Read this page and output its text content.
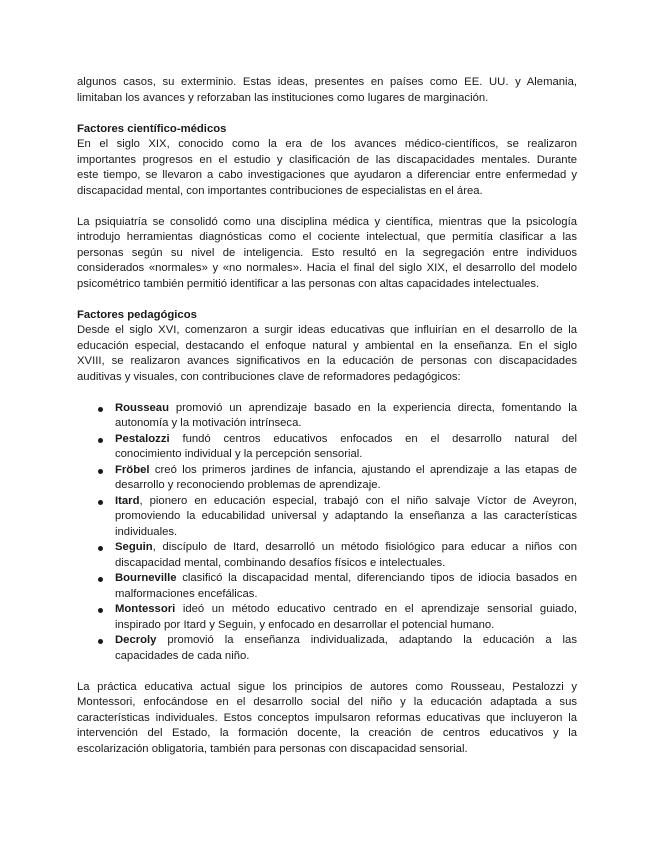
algunos casos, su exterminio. Estas ideas, presentes en países como EE. UU. y Alemania,
limitaban los avances y reforzaban las instituciones como lugares de marginación.
Factores científico-médicos
En el siglo XIX, conocido como la era de los avances médico-científicos, se realizaron
importantes progresos en el estudio y clasificación de las discapacidades mentales. Durante
este tiempo, se llevaron a cabo investigaciones que ayudaron a diferenciar entre enfermedad y
discapacidad mental, con importantes contribuciones de especialistas en el área.
La psiquiatría se consolidó como una disciplina médica y científica, mientras que la psicología
introdujo herramientas diagnósticas como el cociente intelectual, que permitía clasificar a las
personas según su nivel de inteligencia. Esto resultó en la segregación entre individuos
considerados «normales» y «no normales». Hacia el final del siglo XIX, el desarrollo del modelo
psicométrico también permitió identificar a las personas con altas capacidades intelectuales.
Factores pedagógicos
Desde el siglo XVI, comenzaron a surgir ideas educativas que influirían en el desarrollo de la
educación especial, destacando el enfoque natural y ambiental en la enseñanza. En el siglo
XVIII, se realizaron avances significativos en la educación de personas con discapacidades
auditivas y visuales, con contribuciones clave de reformadores pedagógicos:
Rousseau promovió un aprendizaje basado en la experiencia directa, fomentando la
autonomía y la motivación intrínseca.
Pestalozzi fundó centros educativos enfocados en el desarrollo natural del
conocimiento individual y la percepción sensorial.
Fröbel creó los primeros jardines de infancia, ajustando el aprendizaje a las etapas de
desarrollo y reconociendo problemas de aprendizaje.
Itard, pionero en educación especial, trabajó con el niño salvaje Víctor de Aveyron,
promoviendo la educabilidad universal y adaptando la enseñanza a las características
individuales.
Seguin, discípulo de Itard, desarrolló un método fisiológico para educar a niños con
discapacidad mental, combinando desafíos físicos e intelectuales.
Bourneville clasificó la discapacidad mental, diferenciando tipos de idiocia basados en
malformaciones encefálicas.
Montessori ideó un método educativo centrado en el aprendizaje sensorial guiado,
inspirado por Itard y Seguin, y enfocado en desarrollar el potencial humano.
Decroly promovió la enseñanza individualizada, adaptando la educación a las
capacidades de cada niño.
La práctica educativa actual sigue los principios de autores como Rousseau, Pestalozzi y
Montessori, enfocándose en el desarrollo social del niño y la educación adaptada a sus
características individuales. Estos conceptos impulsaron reformas educativas que incluyeron la
intervención del Estado, la formación docente, la creación de centros educativos y la
escolarización obligatoria, también para personas con discapacidad sensorial.
